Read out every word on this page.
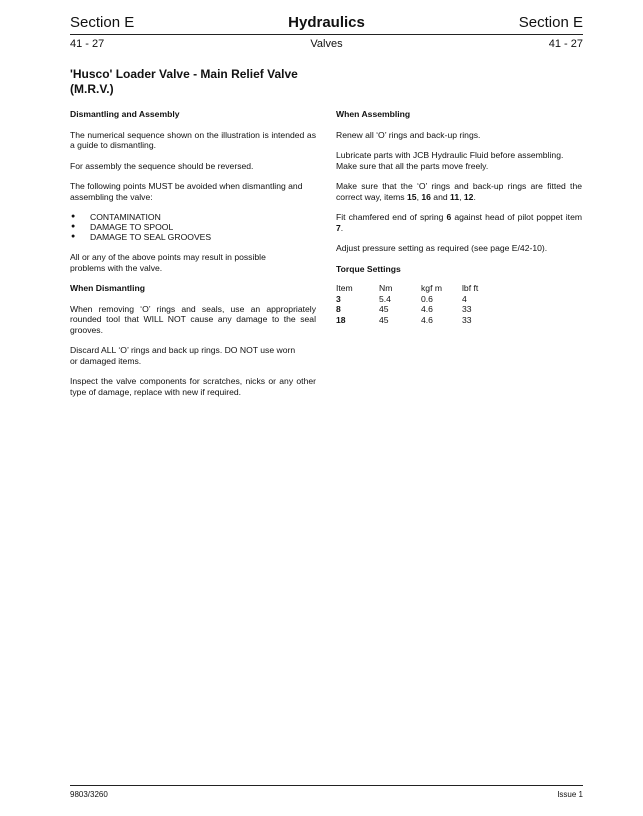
Section E	Hydraulics	Section E
41 - 27	Valves	41 - 27
'Husco' Loader Valve - Main Relief Valve
(M.R.V.)
Dismantling and Assembly

The numerical sequence shown on the illustration is intended as a guide to dismantling.

For assembly the sequence should be reversed.

The following points MUST be avoided when dismantling and assembling the valve:

● CONTAMINATION
● DAMAGE TO SPOOL
● DAMAGE TO SEAL GROOVES

All or any of the above points may result in possible
problems with the valve.

When Dismantling

When removing ‘O’ rings and seals, use an appropriately rounded tool that WILL NOT cause any damage to the seal grooves.

Discard ALL ‘O’ rings and back up rings. DO NOT use worn
or damaged items.

Inspect the valve components for scratches, nicks or any other type of damage, replace with new if required.

When Assembling

Renew all ‘O’ rings and back-up rings.

Lubricate parts with JCB Hydraulic Fluid before assembling.
Make sure that all the parts move freely.

Make sure that the ‘O’ rings and back-up rings are fitted the correct way, items 15, 16 and 11, 12.

Fit chamfered end of spring 6 against head of pilot poppet item 7.

Adjust pressure setting as required (see page E/42-10).

Torque Settings
Item	Nm	kgf m	lbf ft
3	5.4	0.6	4
8	45	4.6	33
18	45	4.6	33
9803/3260	Issue 1
